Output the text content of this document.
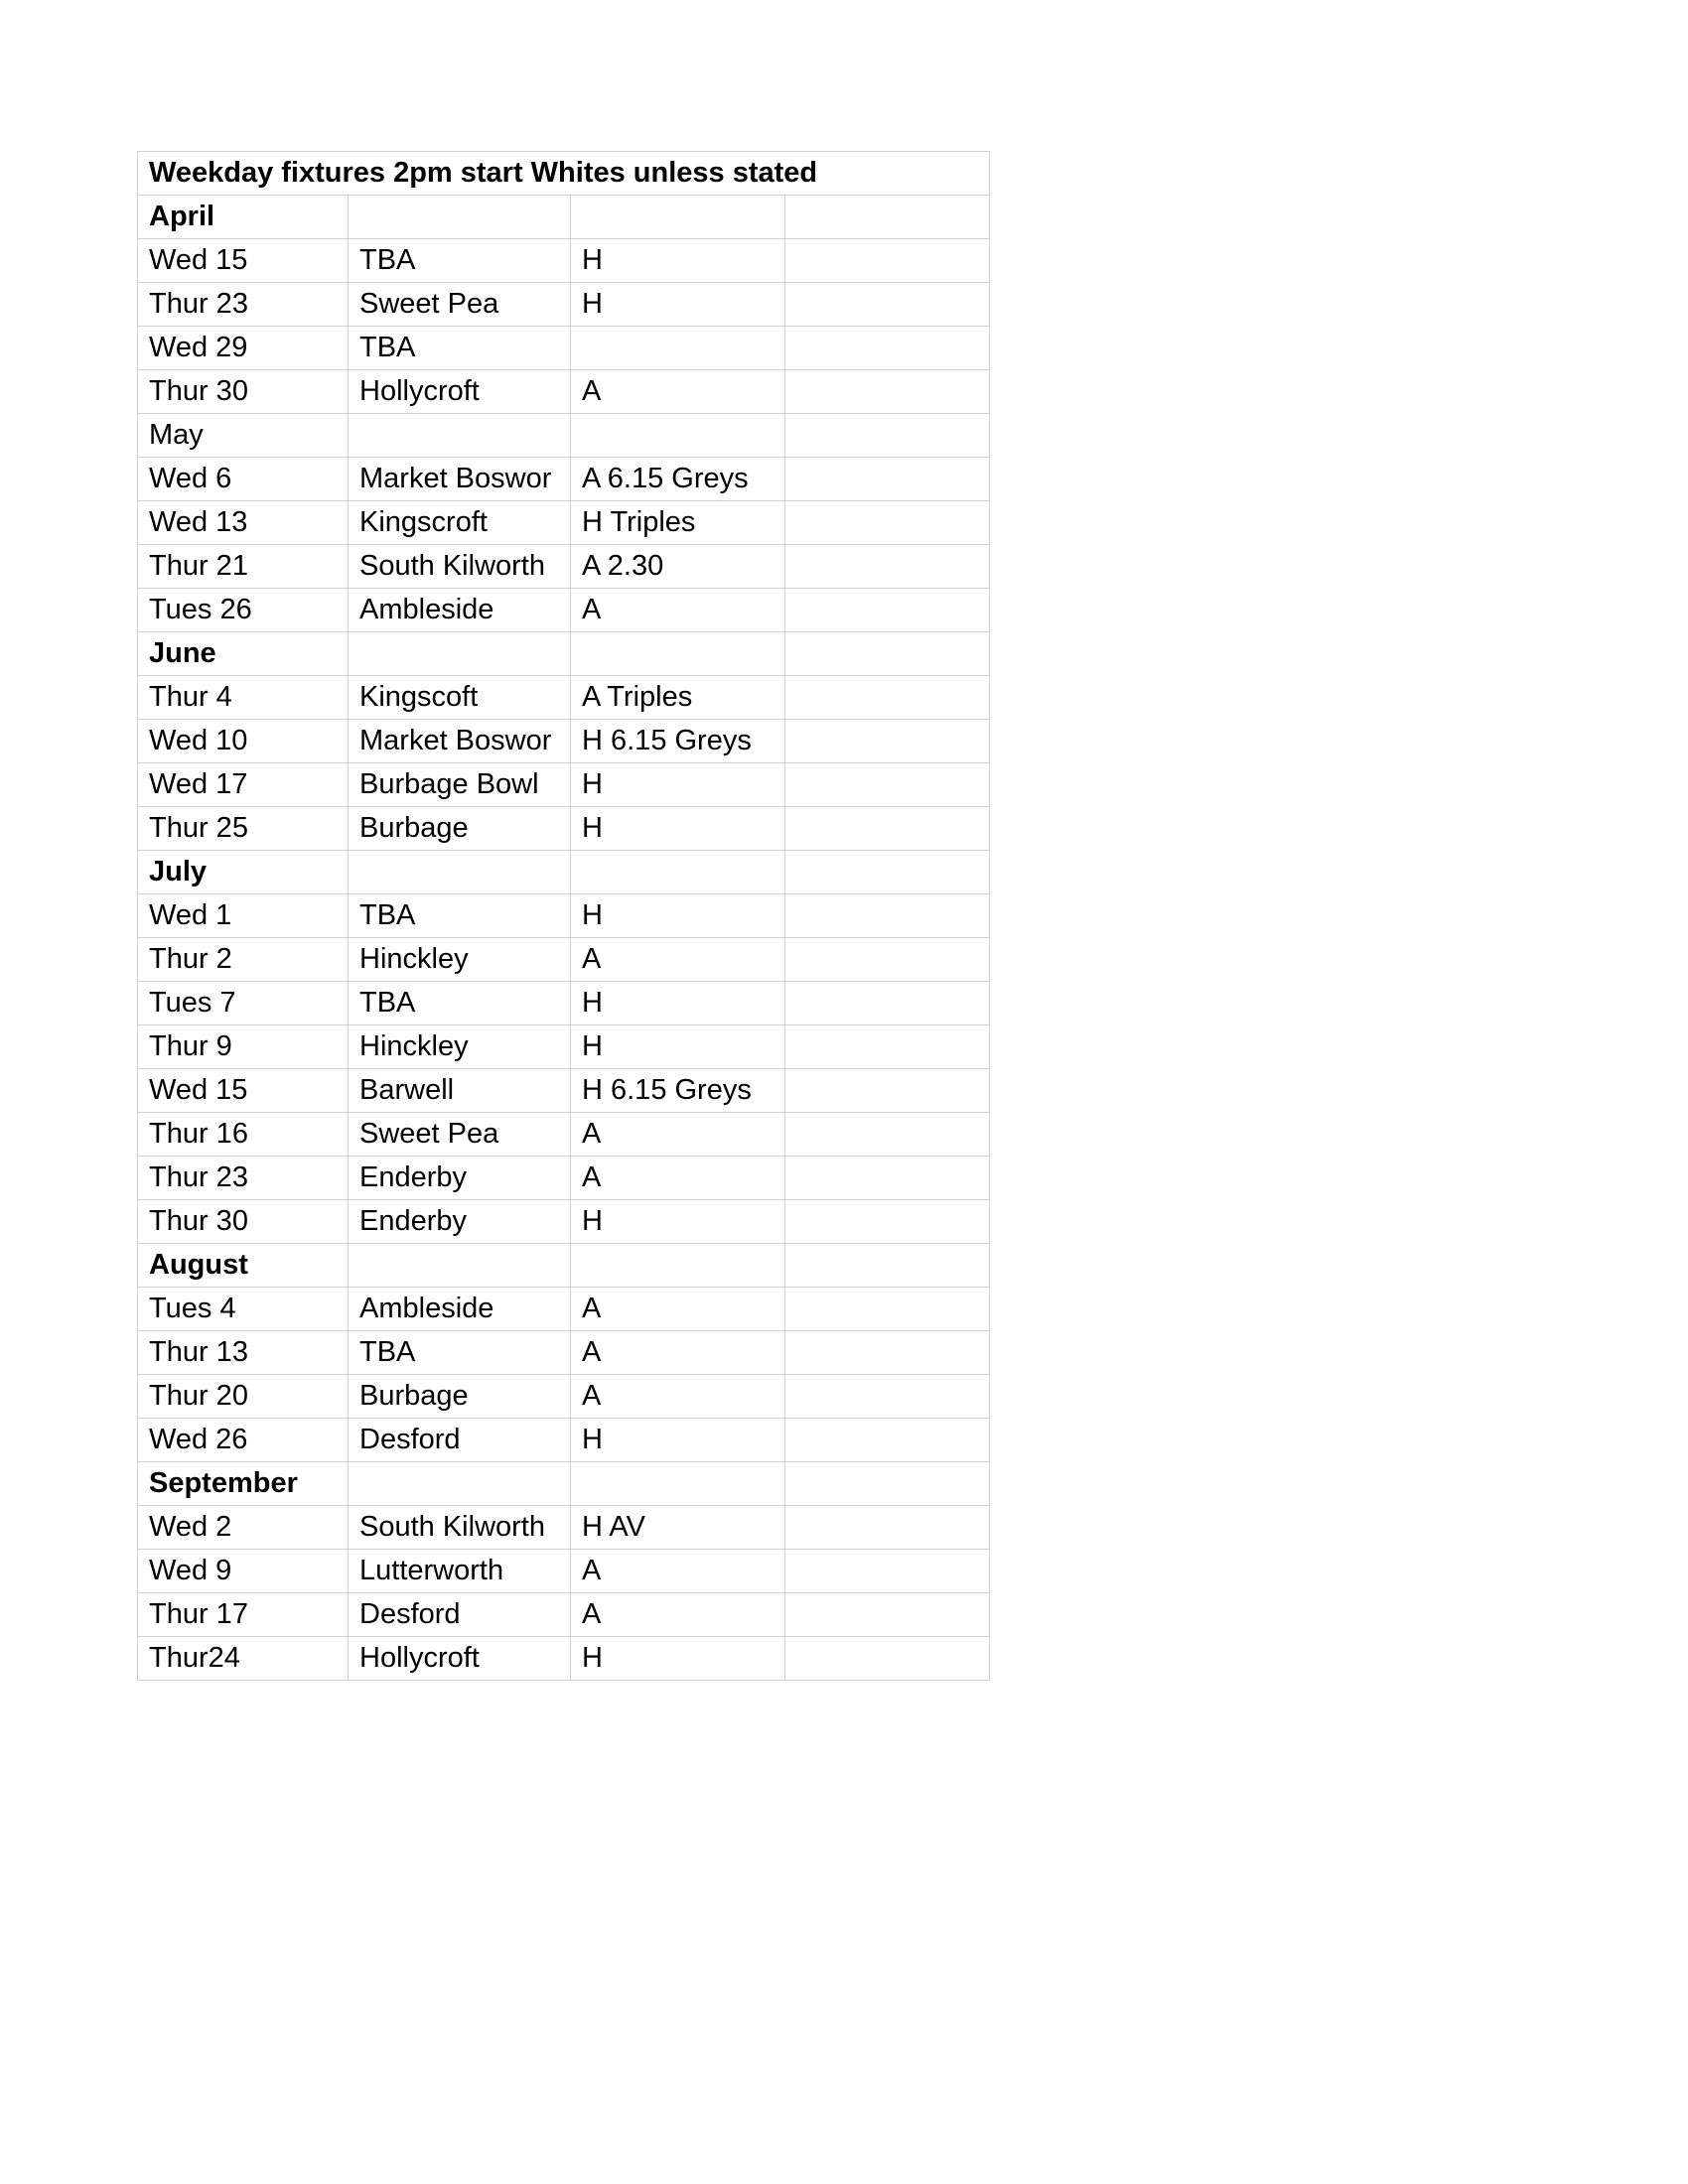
Weekday fixtures 2pm start Whites unless stated
April
Wed 15	TBA	H
Thur 23	Sweet Pea	H
Wed 29	TBA
Thur 30	Hollycroft	A
May
Wed 6	Market Boswor	A 6.15 Greys
Wed 13	Kingscroft	H Triples
Thur 21	South Kilworth	A 2.30
Tues 26	Ambleside	A
June
Thur 4	Kingscoft	A Triples
Wed 10	Market Boswor	H 6.15 Greys
Wed 17	Burbage Bowl	H
Thur 25	Burbage	H
July
Wed 1	TBA	H
Thur 2	Hinckley	A
Tues 7	TBA	H
Thur 9	Hinckley	H
Wed 15	Barwell	H 6.15 Greys
Thur 16	Sweet Pea	A
Thur 23	Enderby	A
Thur 30	Enderby	H
August
Tues 4	Ambleside	A
Thur 13	TBA	A
Thur 20	Burbage	A
Wed 26	Desford	H
September
Wed 2	South Kilworth	H AV
Wed 9	Lutterworth	A
Thur 17	Desford	A
Thur24	Hollycroft	H
